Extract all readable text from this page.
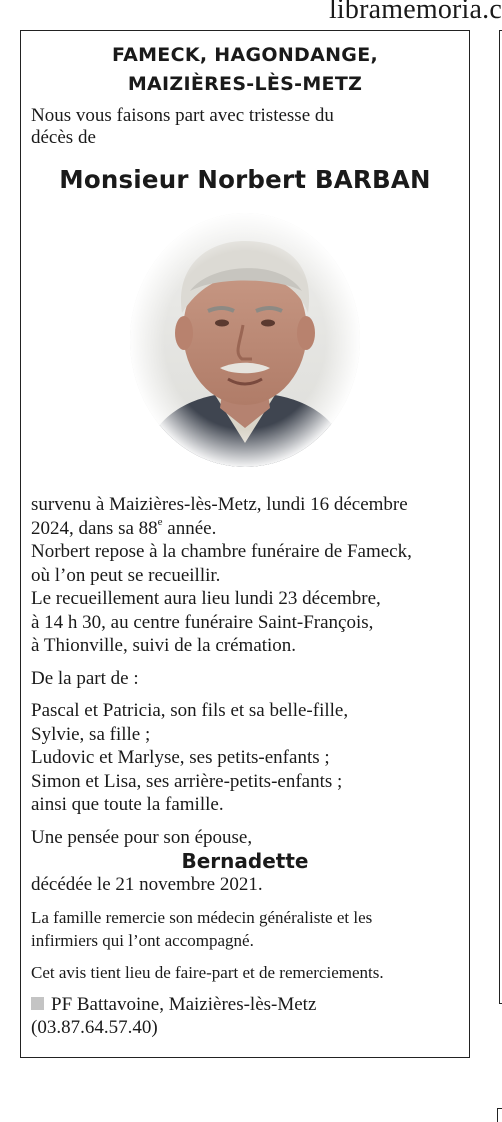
libramemoria.c
FAMECK, HAGONDANGE,
MAIZIÈRES-LÈS-METZ
Nous vous faisons part avec tristesse du
décès de
Monsieur Norbert BARBAN
survenu à Maizières-lès-Metz, lundi 16 décembre
2024, dans sa 88e année.
Norbert repose à la chambre funéraire de Fameck,
où l’on peut se recueillir.
Le recueillement aura lieu lundi 23 décembre,
à 14 h 30, au centre funéraire Saint-François,
à Thionville, suivi de la crémation.
De la part de :
Pascal et Patricia, son fils et sa belle-fille,
Sylvie, sa fille ;
Ludovic et Marlyse, ses petits-enfants ;
Simon et Lisa, ses arrière-petits-enfants ;
ainsi que toute la famille.
Une pensée pour son épouse,
Bernadette
décédée le 21 novembre 2021.
La famille remercie son médecin généraliste et les
infirmiers qui l’ont accompagné.
Cet avis tient lieu de faire-part et de remerciements.
PF Battavoine, Maizières-lès-Metz
(03.87.64.57.40)
